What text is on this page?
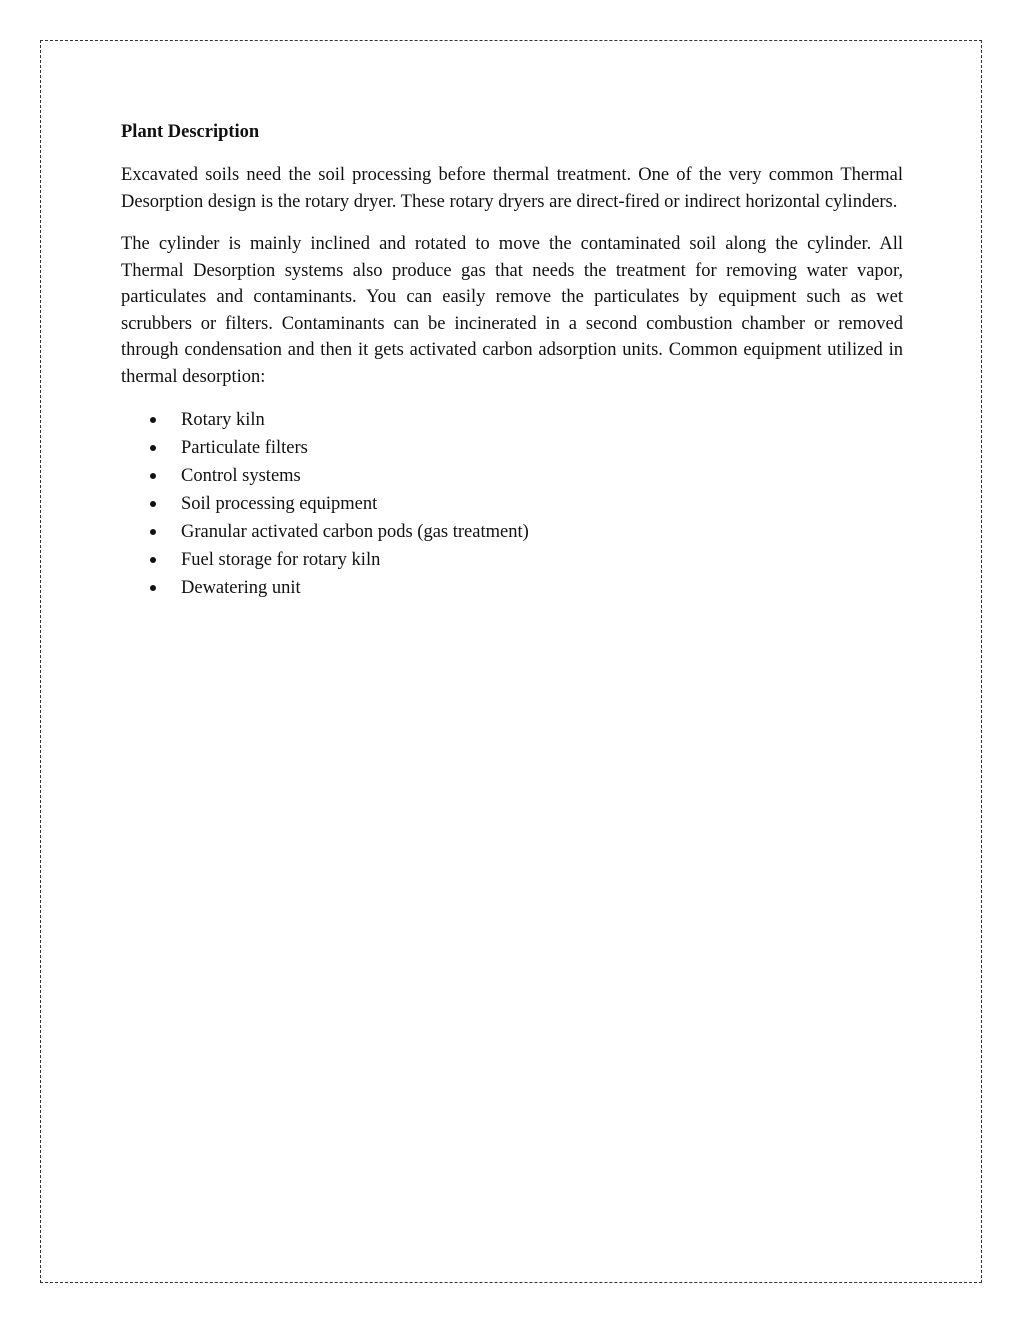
Plant Description

Excavated soils need the soil processing before thermal treatment. One of the very common Thermal Desorption design is the rotary dryer. These rotary dryers are direct-fired or indirect horizontal cylinders.

The cylinder is mainly inclined and rotated to move the contaminated soil along the cylinder. All Thermal Desorption systems also produce gas that needs the treatment for removing water vapor, particulates and contaminants. You can easily remove the particulates by equipment such as wet scrubbers or filters. Contaminants can be incinerated in a second combustion chamber or removed through condensation and then it gets activated carbon adsorption units. Common equipment utilized in thermal desorption:

Rotary kiln
Particulate filters
Control systems
Soil processing equipment
Granular activated carbon pods (gas treatment)
Fuel storage for rotary kiln
Dewatering unit
